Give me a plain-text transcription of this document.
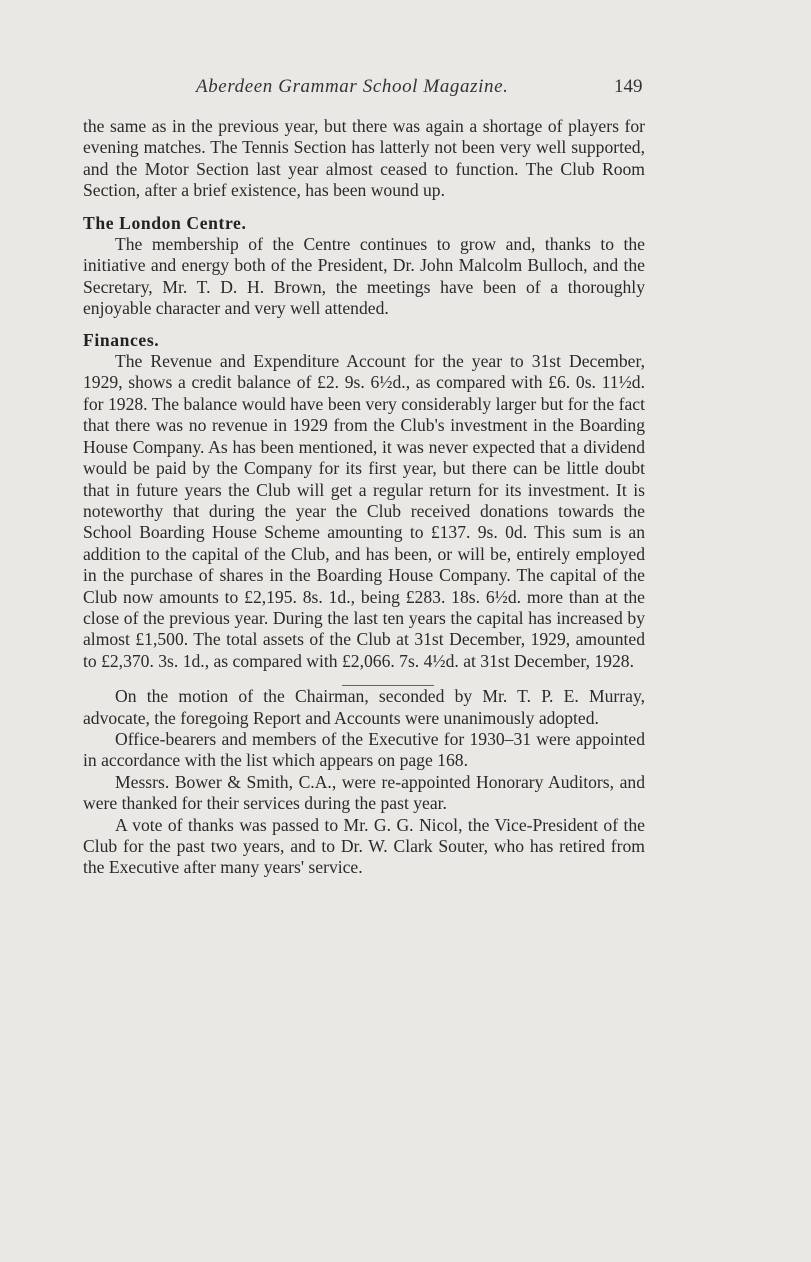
Aberdeen Grammar School Magazine.	149

the same as in the previous year, but there was again a shortage of players for evening matches. The Tennis Section has latterly not been very well supported, and the Motor Section last year almost ceased to function. The Club Room Section, after a brief existence, has been wound up.

The London Centre.

The membership of the Centre continues to grow and, thanks to the initiative and energy both of the President, Dr. John Malcolm Bulloch, and the Secretary, Mr. T. D. H. Brown, the meetings have been of a thoroughly enjoyable character and very well attended.

Finances.

The Revenue and Expenditure Account for the year to 31st December, 1929, shows a credit balance of £2. 9s. 6½d., as compared with £6. 0s. 11½d. for 1928. The balance would have been very considerably larger but for the fact that there was no revenue in 1929 from the Club's investment in the Boarding House Company. As has been mentioned, it was never expected that a dividend would be paid by the Company for its first year, but there can be little doubt that in future years the Club will get a regular return for its investment. It is noteworthy that during the year the Club received donations towards the School Boarding House Scheme amounting to £137. 9s. 0d. This sum is an addition to the capital of the Club, and has been, or will be, entirely employed in the purchase of shares in the Boarding House Company. The capital of the Club now amounts to £2,195. 8s. 1d., being £283. 18s. 6½d. more than at the close of the previous year. During the last ten years the capital has increased by almost £1,500. The total assets of the Club at 31st December, 1929, amounted to £2,370. 3s. 1d., as compared with £2,066. 7s. 4½d. at 31st December, 1928.

On the motion of the Chairman, seconded by Mr. T. P. E. Murray, advocate, the foregoing Report and Accounts were unanimously adopted.

Office-bearers and members of the Executive for 1930–31 were appointed in accordance with the list which appears on page 168.

Messrs. Bower & Smith, C.A., were re-appointed Honorary Auditors, and were thanked for their services during the past year.

A vote of thanks was passed to Mr. G. G. Nicol, the Vice-President of the Club for the past two years, and to Dr. W. Clark Souter, who has retired from the Executive after many years' service.
